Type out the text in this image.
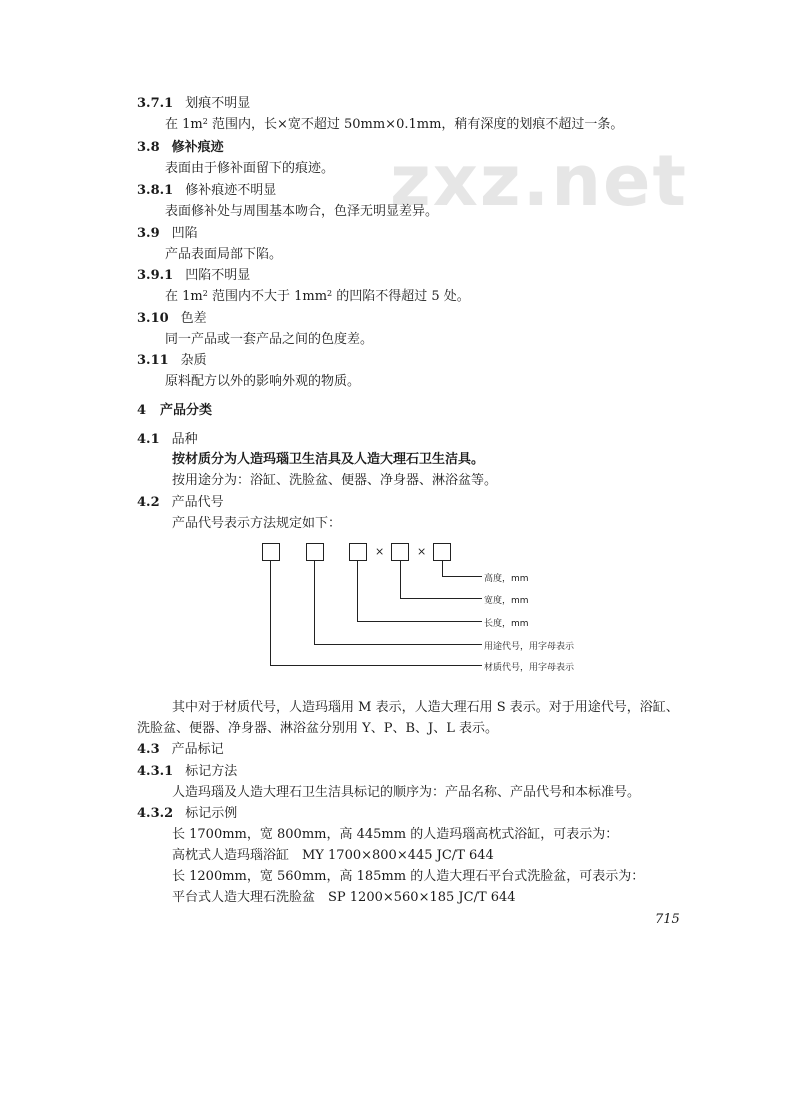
zxz.net
3.7.1 划痕不明显
在 $1m^2$ 范围内，长×宽不超过 50mm×0.1mm，稍有深度的划痕不超过一条。
3.8 修补痕迹
表面由于修补面留下的痕迹。
3.8.1 修补痕迹不明显
表面修补处与周围基本吻合，色泽无明显差异。
3.9 凹陷
产品表面局部下陷。
3.9.1 凹陷不明显
在 $1m^2$ 范围内不大于 $1mm^2$ 的凹陷不得超过 5 处。
3.10 色差
同一产品或一套产品之间的色度差。
3.11 杂质
原料配方以外的影响外观的物质。
4 产品分类
4.1 品种
按材质分为人造玛瑙卫生洁具及人造大理石卫生洁具。
按用途分为：浴缸、洗脸盆、便器、净身器、淋浴盆等。
4.2 产品代号
产品代号表示方法规定如下：
×	×
高度，mm
宽度，mm
长度，mm
用途代号，用字母表示
材质代号，用字母表示
其中对于材质代号，人造玛瑙用 M 表示，人造大理石用 S 表示。对于用途代号，浴缸、
洗脸盆、便器、净身器、淋浴盆分别用 Y、P、B、J、L 表示。
4.3 产品标记
4.3.1 标记方法
人造玛瑙及人造大理石卫生洁具标记的顺序为：产品名称、产品代号和本标准号。
4.3.2 标记示例
长 1700mm，宽 800mm，高 445mm 的人造玛瑙高枕式浴缸，可表示为：
高枕式人造玛瑙浴缸　MY 1700×800×445 JC/T 644
长 1200mm，宽 560mm，高 185mm 的人造大理石平台式洗脸盆，可表示为：
平台式人造大理石洗脸盆　SP 1200×560×185 JC/T 644
715
